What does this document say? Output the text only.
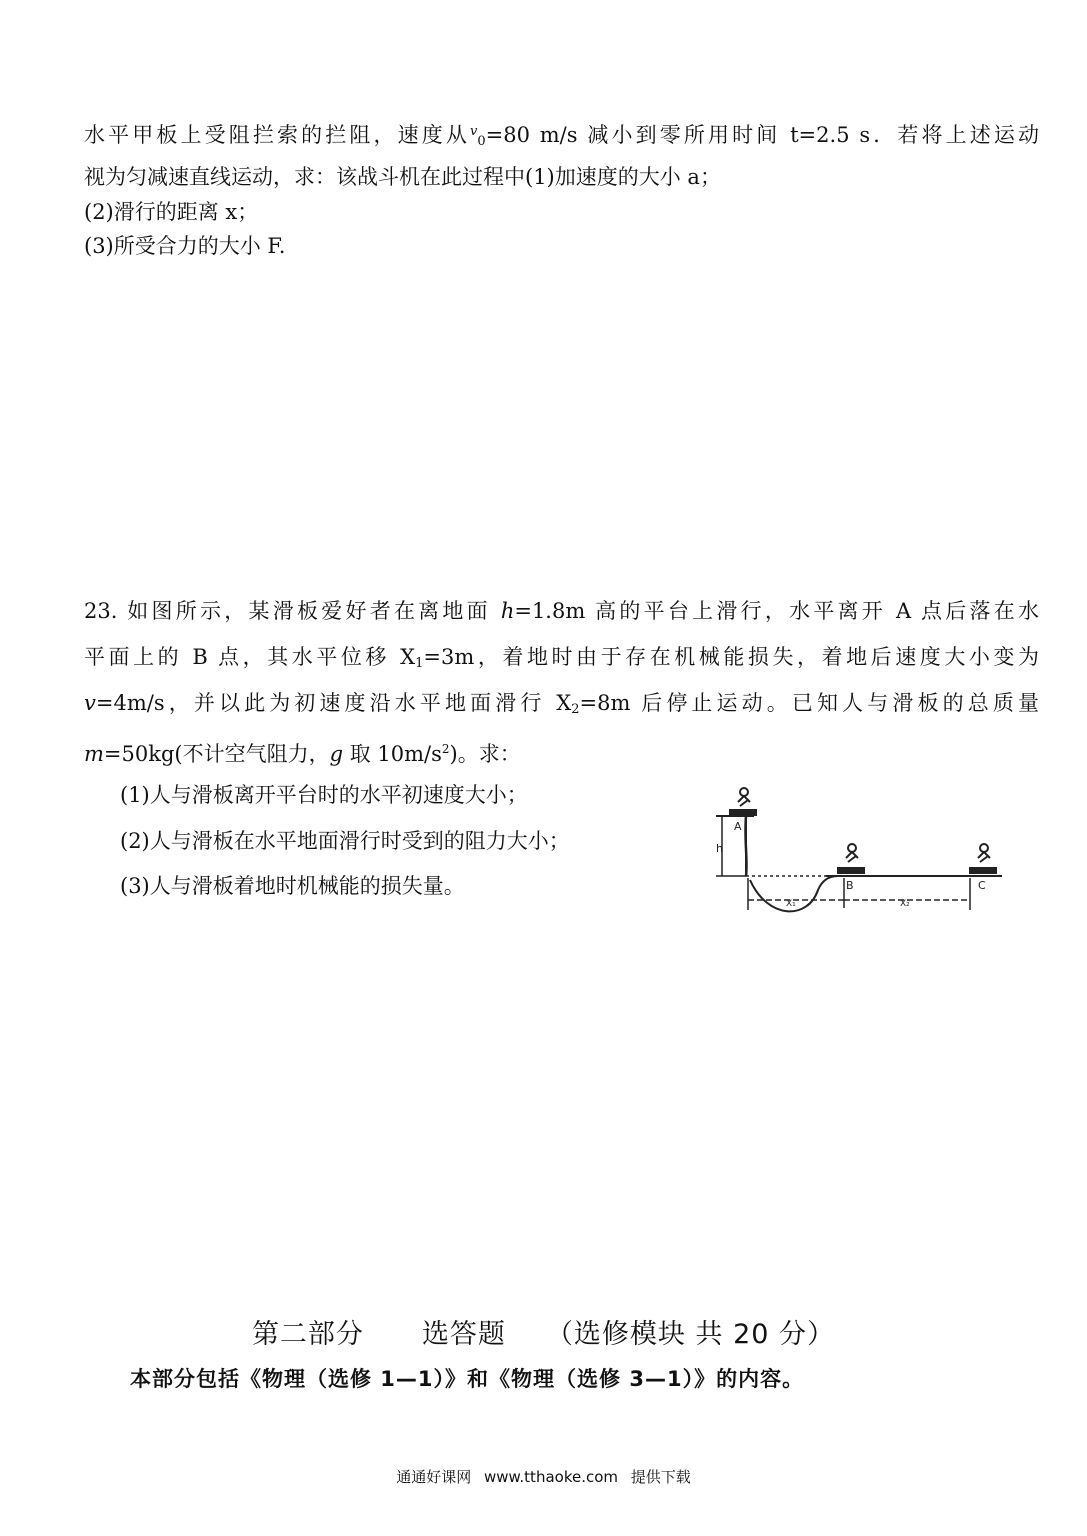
水平甲板上受阻拦索的拦阻，速度从$^v_0$=80 m/s 减小到零所用时间 t=2.5 s．若将上述运动
视为匀减速直线运动，求：该战斗机在此过程中(1)加速度的大小 a；
(2)滑行的距离 x；
(3)所受合力的大小 F.
23. 如图所示，某滑板爱好者在离地面 h=1.8m 高的平台上滑行，水平离开 A 点后落在水
平面上的 B 点，其水平位移 $X_1=3m$，着地时由于存在机械能损失，着地后速度大小变为
v=4m/s，并以此为初速度沿水平地面滑行 $X_2=8m$ 后停止运动。已知人与滑板的总质量
m=50kg(不计空气阻力，g 取 $10m/s^2$)。求：
(1)人与滑板离开平台时的水平初速度大小；
(2)人与滑板在水平地面滑行时受到的阻力大小；
(3)人与滑板着地时机械能的损失量。
A
h
B	C
X₁	X₂
第二部分 选答题 （选修模块 共 20 分）
本部分包括《物理（选修 1—1）》和《物理（选修 3—1）》的内容。
通通好课网 www.tthaoke.com 提供下载
